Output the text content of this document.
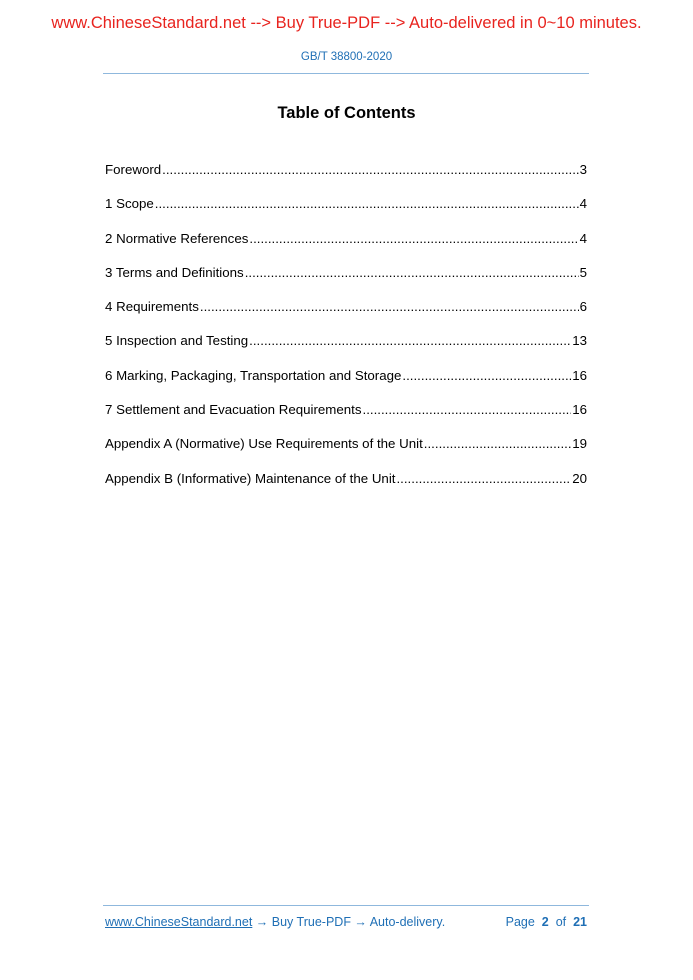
www.ChineseStandard.net --> Buy True-PDF --> Auto-delivered in 0~10 minutes.
GB/T 38800-2020
Table of Contents
Foreword .....	3
1 Scope .....	4
2 Normative References .....	4
3 Terms and Definitions .....	5
4 Requirements .....	6
5 Inspection and Testing .....	13
6 Marking, Packaging, Transportation and Storage .....	16
7 Settlement and Evacuation Requirements .....	16
Appendix A (Normative) Use Requirements of the Unit .....	19
Appendix B (Informative) Maintenance of the Unit .....	20
www.ChineseStandard.net → Buy True-PDF → Auto-delivery.	Page 2 of 21
